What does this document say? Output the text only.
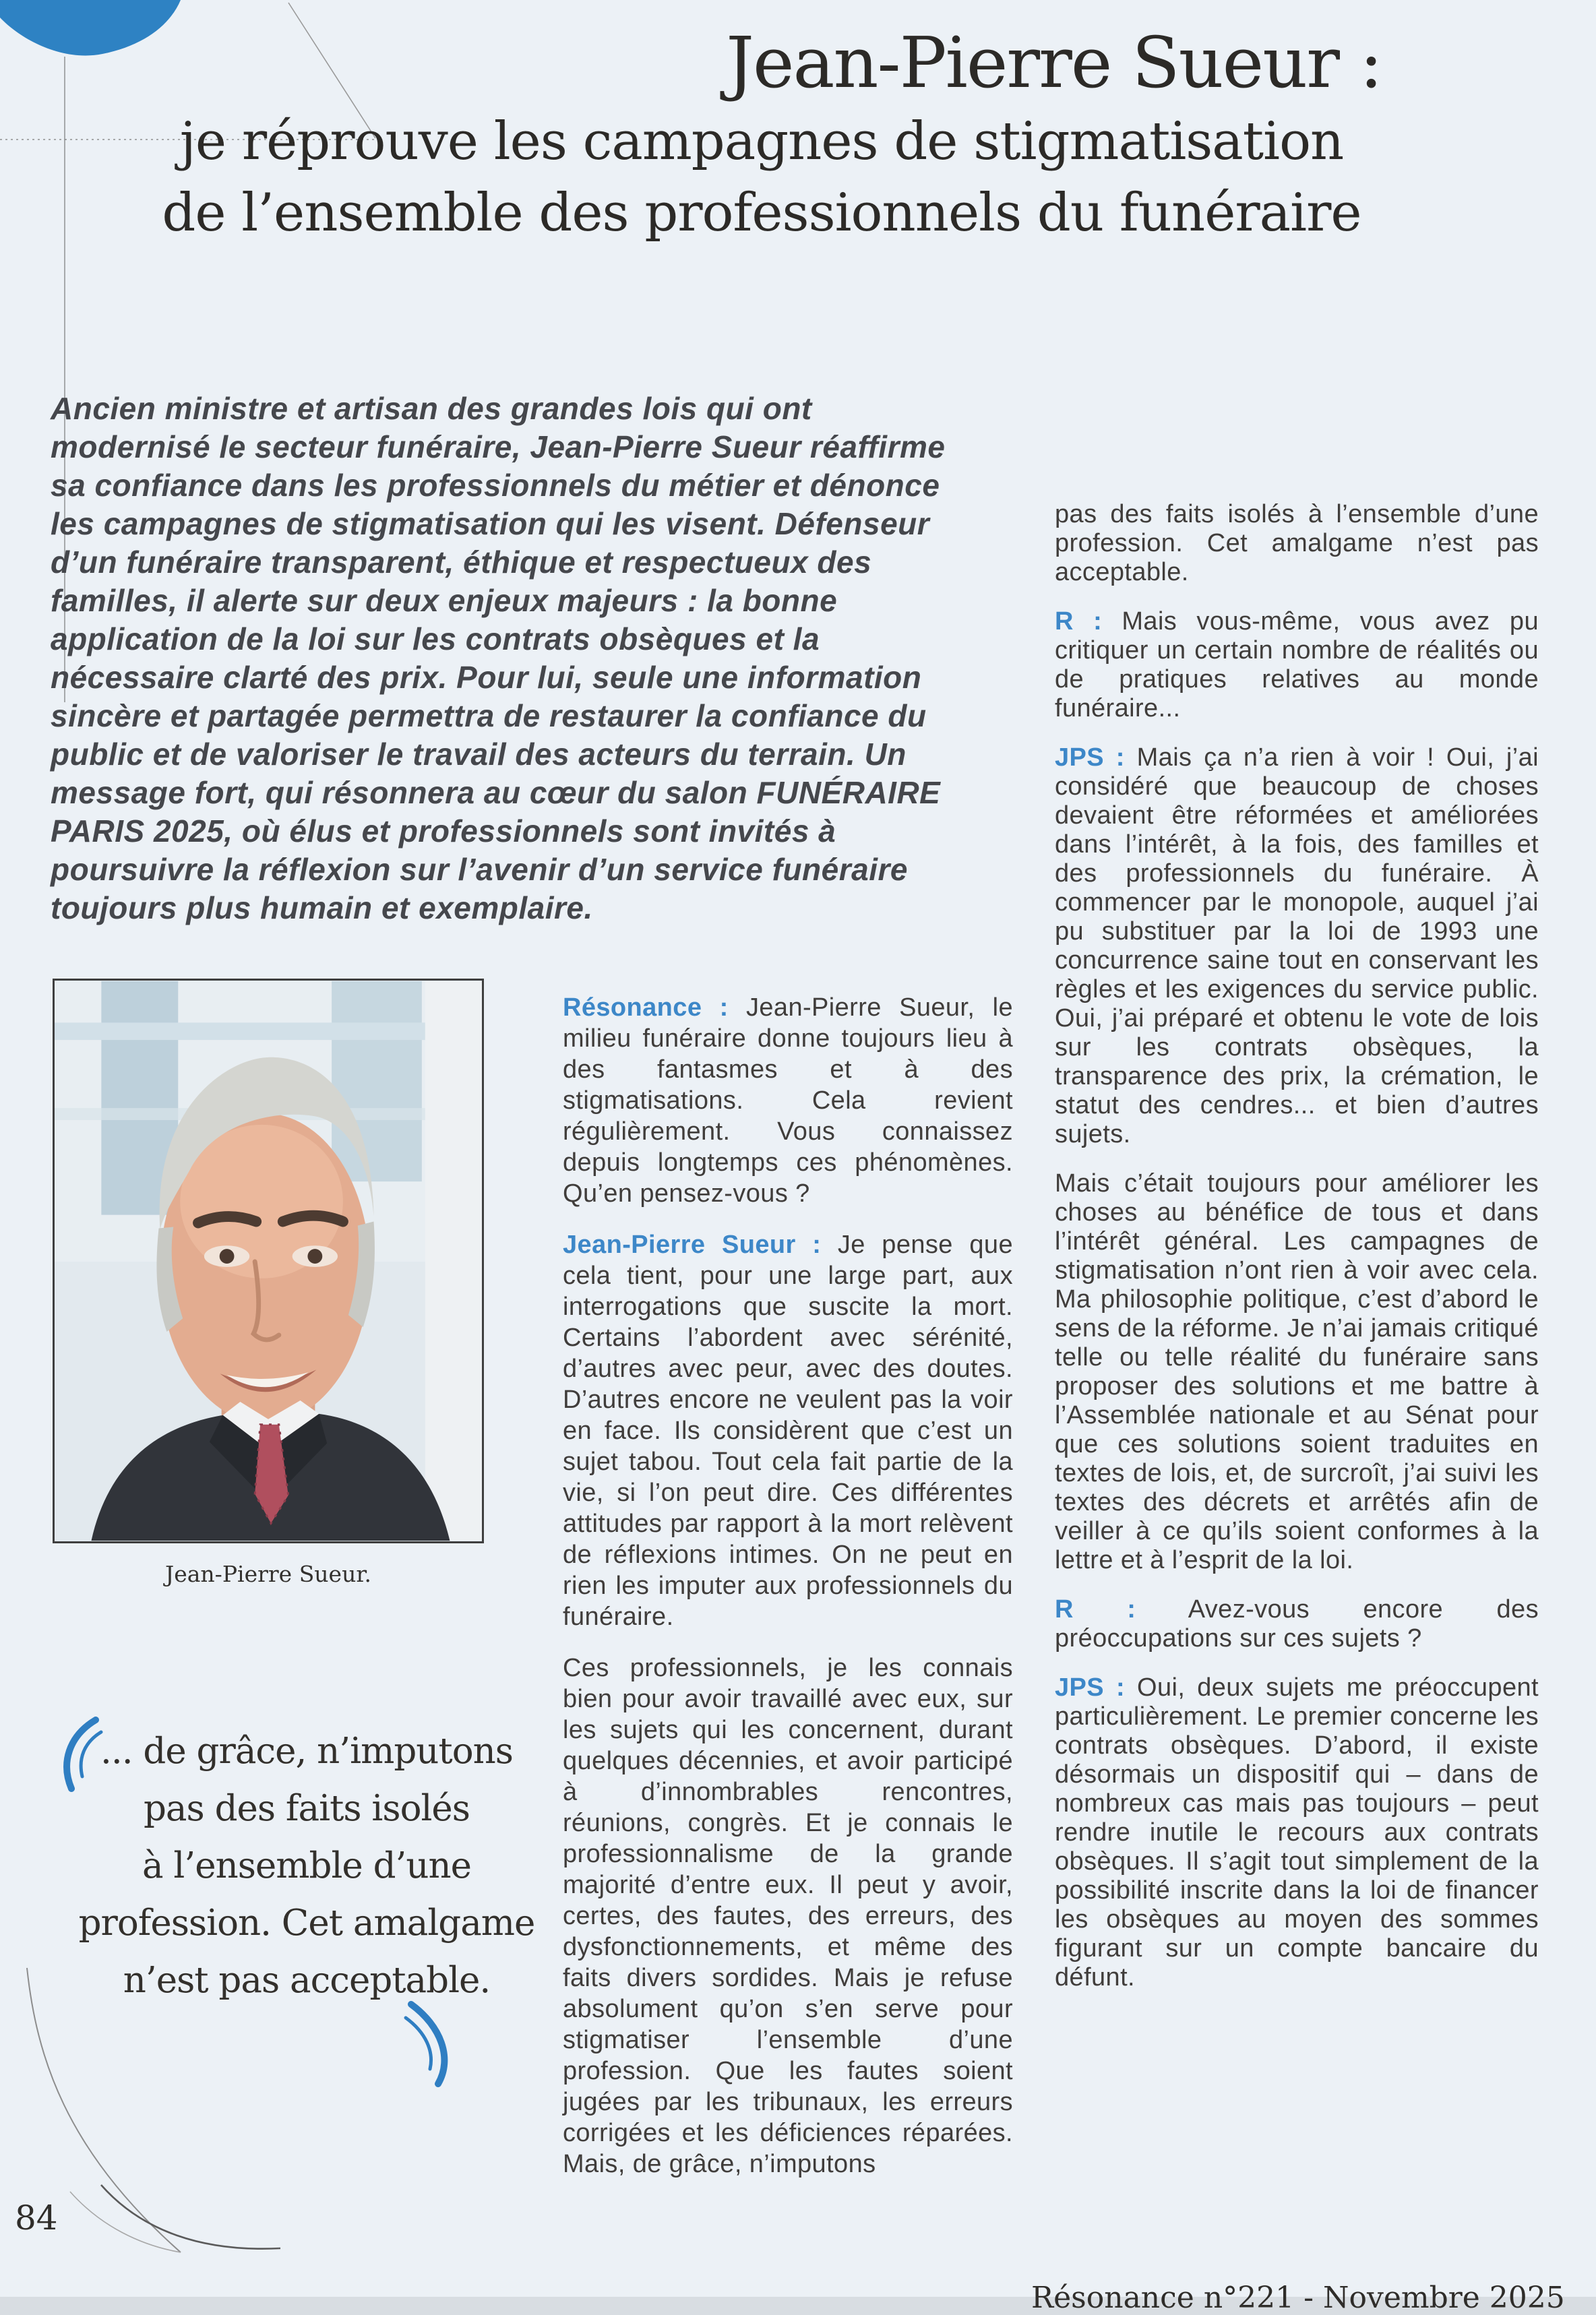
Jean-Pierre Sueur :
je réprouve les campagnes de stigmatisation
de l’ensemble des professionnels du funéraire

Ancien ministre et artisan des grandes lois qui ont modernisé le secteur funéraire, Jean-Pierre Sueur réaffirme sa confiance dans les professionnels du métier et dénonce les campagnes de stigmatisation qui les visent. Défenseur d’un funéraire transparent, éthique et respectueux des familles, il alerte sur deux enjeux majeurs : la bonne application de la loi sur les contrats obsèques et la nécessaire clarté des prix. Pour lui, seule une information sincère et partagée permettra de restaurer la confiance du public et de valoriser le travail des acteurs du terrain. Un message fort, qui résonnera au cœur du salon FUNÉRAIRE PARIS 2025, où élus et professionnels sont invités à poursuivre la réflexion sur l’avenir d’un service funéraire toujours plus humain et exemplaire.

Jean-Pierre Sueur.
... de grâce, n’imputons
pas des faits isolés
à l’ensemble d’une
profession. Cet amalgame
n’est pas acceptable.

Résonance : Jean-Pierre Sueur, le milieu funéraire donne toujours lieu à des fantasmes et à des stigmatisations. Cela revient régulièrement. Vous connaissez depuis longtemps ces phénomènes. Qu’en pensez-vous ?

Jean-Pierre Sueur : Je pense que cela tient, pour une large part, aux interrogations que suscite la mort. Certains l’abordent avec sérénité, d’autres avec peur, avec des doutes. D’autres encore ne veulent pas la voir en face. Ils considèrent que c’est un sujet tabou. Tout cela fait partie de la vie, si l’on peut dire. Ces différentes attitudes par rapport à la mort relèvent de réflexions intimes. On ne peut en rien les imputer aux professionnels du funéraire.

Ces professionnels, je les connais bien pour avoir travaillé avec eux, sur les sujets qui les concernent, durant quelques décennies, et avoir participé à d’innombrables rencontres, réunions, congrès. Et je connais le professionnalisme de la grande majorité d’entre eux. Il peut y avoir, certes, des fautes, des erreurs, des dysfonctionnements, et même des faits divers sordides. Mais je refuse absolument qu’on s’en serve pour stigmatiser l’ensemble d’une profession. Que les fautes soient jugées par les tribunaux, les erreurs corrigées et les déficiences réparées. Mais, de grâce, n’imputons

pas des faits isolés à l’ensemble d’une profession. Cet amalgame n’est pas acceptable.

R : Mais vous-même, vous avez pu critiquer un certain nombre de réalités ou de pratiques relatives au monde funéraire...

JPS : Mais ça n’a rien à voir ! Oui, j’ai considéré que beaucoup de choses devaient être réformées et améliorées dans l’intérêt, à la fois, des familles et des professionnels du funéraire. À commencer par le monopole, auquel j’ai pu substituer par la loi de 1993 une concurrence saine tout en conservant les règles et les exigences du service public. Oui, j’ai préparé et obtenu le vote de lois sur les contrats obsèques, la transparence des prix, la crémation, le statut des cendres... et bien d’autres sujets.

Mais c’était toujours pour améliorer les choses au bénéfice de tous et dans l’intérêt général. Les campagnes de stigmatisation n’ont rien à voir avec cela. Ma philosophie politique, c’est d’abord le sens de la réforme. Je n’ai jamais critiqué telle ou telle réalité du funéraire sans proposer des solutions et me battre à l’Assemblée nationale et au Sénat pour que ces solutions soient traduites en textes de lois, et, de surcroît, j’ai suivi les textes des décrets et arrêtés afin de veiller à ce qu’ils soient conformes à la lettre et à l’esprit de la loi.

R : Avez-vous encore des préoccupations sur ces sujets ?

JPS : Oui, deux sujets me préoccupent particulièrement. Le premier concerne les contrats obsèques. D’abord, il existe désormais un dispositif qui – dans de nombreux cas mais pas toujours – peut rendre inutile le recours aux contrats obsèques. Il s’agit tout simplement de la possibilité inscrite dans la loi de financer les obsèques au moyen des sommes figurant sur un compte bancaire du défunt.

84
Résonance n°221 - Novembre 2025
